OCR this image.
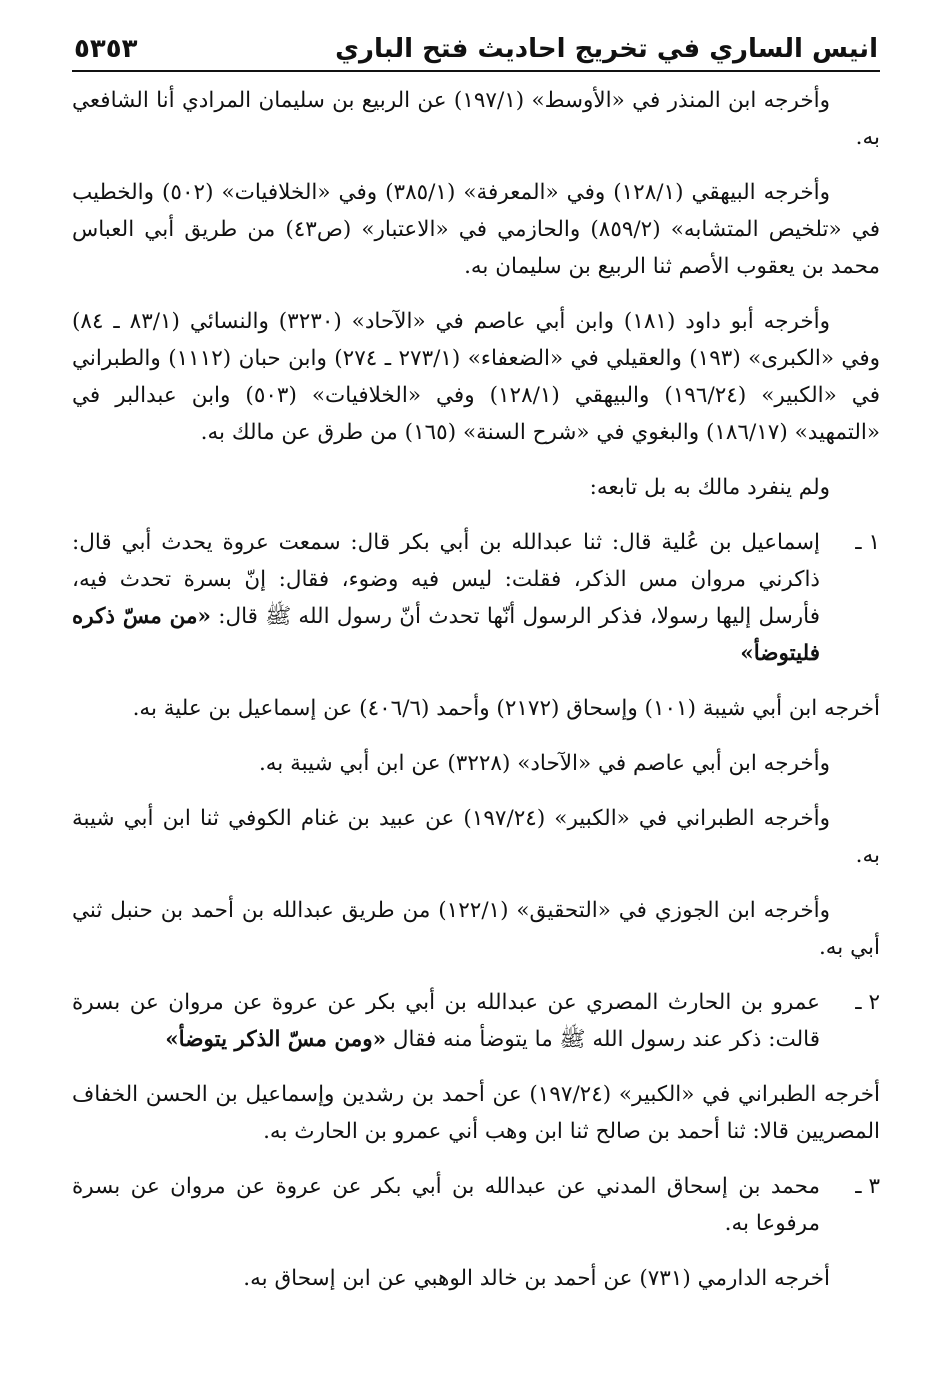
انيس الساري في تخريج احاديث فتح الباري
٥٣٥٣

وأخرجه ابن المنذر في «الأوسط» (١٩٧/١) عن الربيع بن سليمان المرادي أنا الشافعي به.

وأخرجه البيهقي (١٢٨/١) وفي «المعرفة» (٣٨٥/١) وفي «الخلافيات» (٥٠٢) والخطيب في «تلخيص المتشابه» (٨٥٩/٢) والحازمي في «الاعتبار» (ص٤٣) من طريق أبي العباس محمد بن يعقوب الأصم ثنا الربيع بن سليمان به.

وأخرجه أبو داود (١٨١) وابن أبي عاصم في «الآحاد» (٣٢٣٠) والنسائي (٨٣/١ ـ ٨٤) وفي «الكبرى» (١٩٣) والعقيلي في «الضعفاء» (٢٧٣/١ ـ ٢٧٤) وابن حبان (١١١٢) والطبراني في «الكبير» (١٩٦/٢٤) والبيهقي (١٢٨/١) وفي «الخلافيات» (٥٠٣) وابن عبدالبر في «التمهيد» (١٨٦/١٧) والبغوي في «شرح السنة» (١٦٥) من طرق عن مالك به.

ولم ينفرد مالك به بل تابعه:

١ ـ
إسماعيل بن عُلية قال: ثنا عبدالله بن أبي بكر قال: سمعت عروة يحدث أبي قال: ذاكرني مروان مس الذكر، فقلت: ليس فيه وضوء، فقال: إنّ بسرة تحدث فيه، فأرسل إليها رسولا، فذكر الرسول أنّها تحدث أنّ رسول الله ﷺ قال: «من مسّ ذكره فليتوضأ»

أخرجه ابن أبي شيبة (١٠١) وإسحاق (٢١٧٢) وأحمد (٤٠٦/٦) عن إسماعيل بن علية به.

وأخرجه ابن أبي عاصم في «الآحاد» (٣٢٢٨) عن ابن أبي شيبة به.

وأخرجه الطبراني في «الكبير» (١٩٧/٢٤) عن عبيد بن غنام الكوفي ثنا ابن أبي شيبة به.

وأخرجه ابن الجوزي في «التحقيق» (١٢٢/١) من طريق عبدالله بن أحمد بن حنبل ثني أبي به.

٢ ـ
عمرو بن الحارث المصري عن عبدالله بن أبي بكر عن عروة عن مروان عن بسرة قالت: ذكر عند رسول الله ﷺ ما يتوضأ منه فقال «ومن مسّ الذكر يتوضأ»

أخرجه الطبراني في «الكبير» (١٩٧/٢٤) عن أحمد بن رشدين وإسماعيل بن الحسن الخفاف المصريين قالا: ثنا أحمد بن صالح ثنا ابن وهب أني عمرو بن الحارث به.

٣ ـ
محمد بن إسحاق المدني عن عبدالله بن أبي بكر عن عروة عن مروان عن بسرة مرفوعا به.

أخرجه الدارمي (٧٣١) عن أحمد بن خالد الوهبي عن ابن إسحاق به.
